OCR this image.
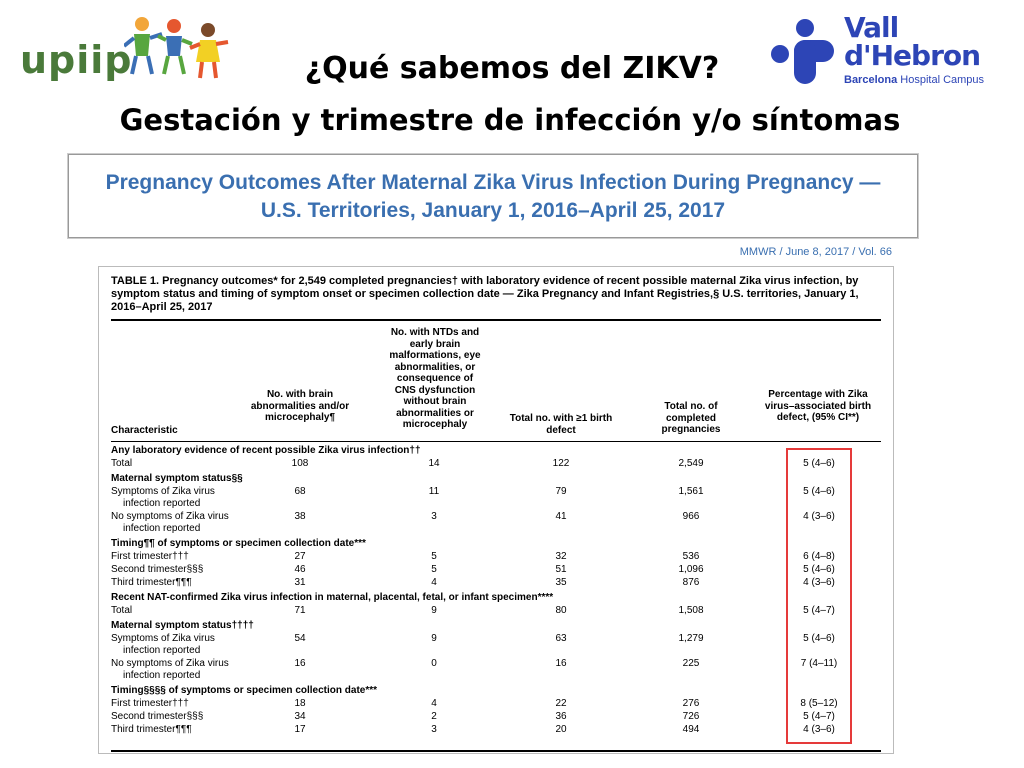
upiip
Vall
d'Hebron
Barcelona Hospital Campus
¿Qué sabemos del ZIKV?
Gestación y trimestre de infección y/o síntomas
Pregnancy Outcomes After Maternal Zika Virus Infection During Pregnancy —
U.S. Territories, January 1, 2016–April 25, 2017
MMWR / June 8, 2017 / Vol. 66
TABLE 1. Pregnancy outcomes* for 2,549 completed pregnancies† with laboratory evidence of recent possible maternal Zika virus infection, by symptom status and timing of symptom onset or specimen collection date — Zika Pregnancy and Infant Registries,§ U.S. territories, January 1, 2016–April 25, 2017
Characteristic
No. with brain abnormalities and/or microcephaly¶
No. with NTDs and early brain malformations, eye abnormalities, or consequence of CNS dysfunction without brain abnormalities or microcephaly
Total no. with ≥1 birth defect
Total no. of completed pregnancies
Percentage with Zika virus–associated birth defect, (95% CI**)
Any laboratory evidence of recent possible Zika virus infection††
Total	108	14	122	2,549	5 (4–6)
Maternal symptom status§§
Symptoms of Zika virus
infection reported
68	11	79	1,561	5 (4–6)
No symptoms of Zika virus
infection reported
38	3	41	966	4 (3–6)
Timing¶¶ of symptoms or specimen collection date***
First trimester†††	27	5	32	536	6 (4–8)
Second trimester§§§	46	5	51	1,096	5 (4–6)
Third trimester¶¶¶	31	4	35	876	4 (3–6)
Recent NAT-confirmed Zika virus infection in maternal, placental, fetal, or infant specimen****
Total	71	9	80	1,508	5 (4–7)
Maternal symptom status††††
Symptoms of Zika virus
infection reported
54	9	63	1,279	5 (4–6)
No symptoms of Zika virus
infection reported
16	0	16	225	7 (4–11)
Timing§§§§ of symptoms or specimen collection date***
First trimester†††	18	4	22	276	8 (5–12)
Second trimester§§§	34	2	36	726	5 (4–7)
Third trimester¶¶¶	17	3	20	494	4 (3–6)
